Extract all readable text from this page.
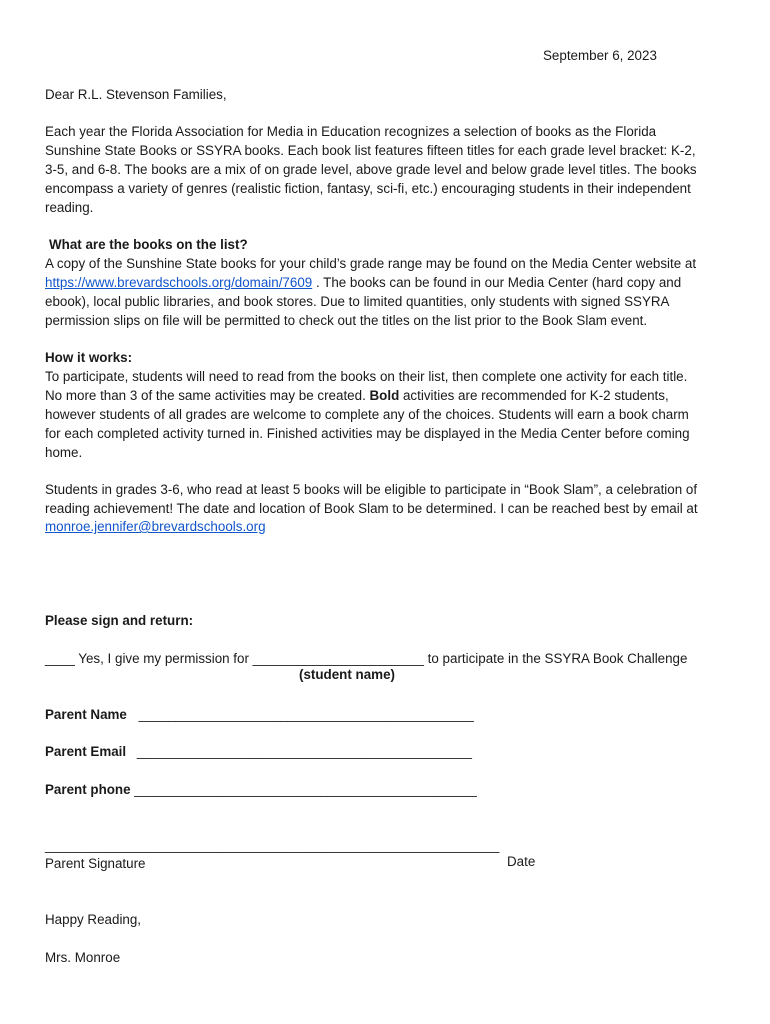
September 6, 2023
Dear R.L. Stevenson Families,
Each year the Florida Association for Media in Education recognizes a selection of books as the Florida
Sunshine State Books or SSYRA books. Each book list features fifteen titles for each grade level bracket: K-2,
3-5, and 6-8. The books are a mix of on grade level, above grade level and below grade level titles. The books
encompass a variety of genres (realistic fiction, fantasy, sci-fi, etc.) encouraging students in their independent
reading.
What are the books on the list?
A copy of the Sunshine State books for your child’s grade range may be found on the Media Center website at
https://www.brevardschools.org/domain/7609 . The books can be found in our Media Center (hard copy and
ebook), local public libraries, and book stores. Due to limited quantities, only students with signed SSYRA
permission slips on file will be permitted to check out the titles on the list prior to the Book Slam event.
How it works:
To participate, students will need to read from the books on their list, then complete one activity for each title.
No more than 3 of the same activities may be created. Bold activities are recommended for K-2 students,
however students of all grades are welcome to complete any of the choices. Students will earn a book charm
for each completed activity turned in. Finished activities may be displayed in the Media Center before coming
home.
Students in grades 3-6, who read at least 5 books will be eligible to participate in “Book Slam”, a celebration of
reading achievement! The date and location of Book Slam to be determined. I can be reached best by email at
monroe.jennifer@brevardschools.org
Please sign and return:
____ Yes, I give my permission for _______________________ to participate in the SSYRA Book Challenge
(student name)
Parent Name _____________________________________________
Parent Email _____________________________________________
Parent phone ______________________________________________
_____________________________________________________________
Parent Signature	Date
Happy Reading,
Mrs. Monroe
